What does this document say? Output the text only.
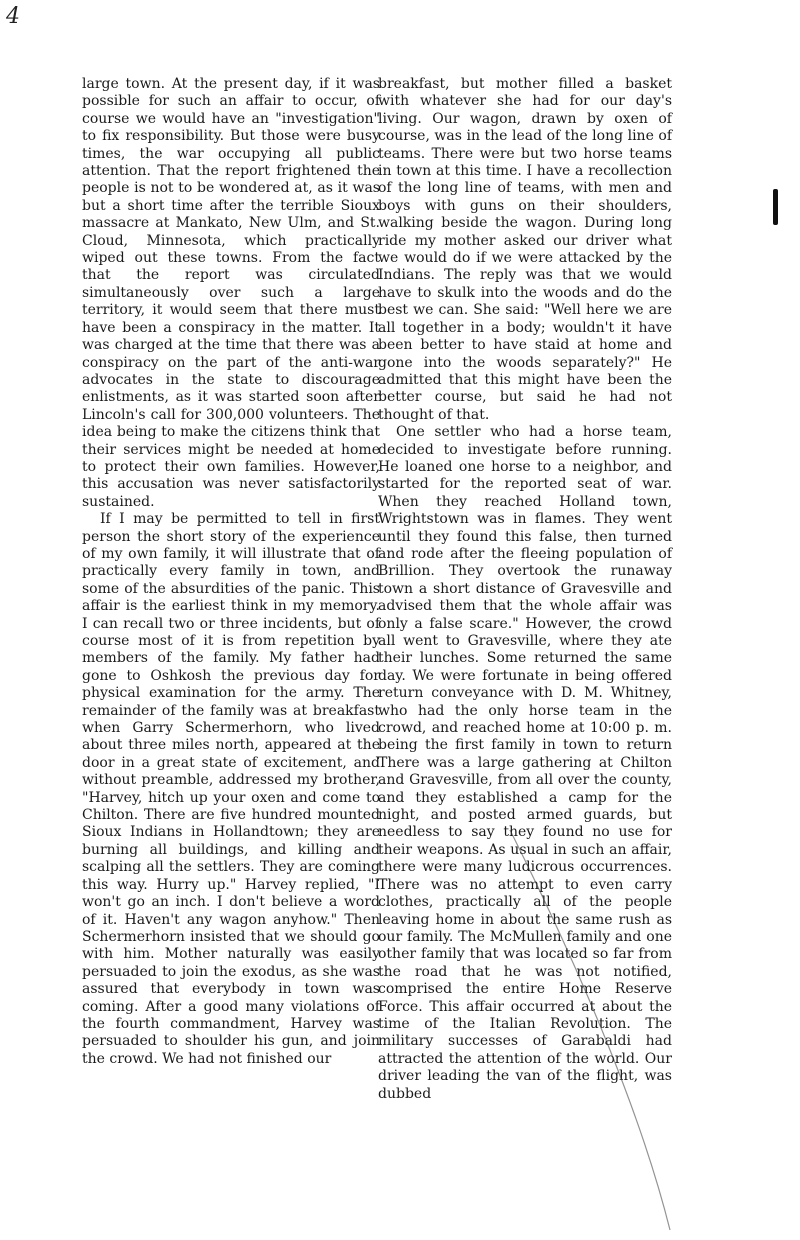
4

large town. At the present day, if it was possible for such an affair to occur, of course we would have an "investigation" to fix responsibility. But those were busy times, the war occupying all public attention. That the report frightened the people is not to be wondered at, as it was but a short time after the terrible Sioux massacre at Mankato, New Ulm, and St. Cloud, Minnesota, which practically wiped out these towns. From the fact that the report was circulated simultaneously over such a large territory, it would seem that there must have been a conspiracy in the matter. It was charged at the time that there was a conspiracy on the part of the anti-war advocates in the state to discourage enlistments, as it was started soon after Lincoln's call for 300,000 volunteers. The idea being to make the citizens think that their services might be needed at home to protect their own families. However, this accusation was never satisfactorily sustained.

If I may be permitted to tell in first person the short story of the experience of my own family, it will illustrate that of practically every family in town, and some of the absurdities of the panic. This affair is the earliest think in my memory. I can recall two or three incidents, but of course most of it is from repetition by members of the family. My father had gone to Oshkosh the previous day for physical examination for the army. The remainder of the family was at breakfast when Garry Schermerhorn, who lived about three miles north, appeared at the door in a great state of excitement, and without preamble, addressed my brother, "Harvey, hitch up your oxen and come to Chilton. There are five hundred mounted Sioux Indians in Hollandtown; they are burning all buildings, and killing and scalping all the settlers. They are coming this way. Hurry up." Harvey replied, "I won't go an inch. I don't believe a word of it. Haven't any wagon anyhow." Then Schermerhorn insisted that we should go with him. Mother naturally was easily persuaded to join the exodus, as she was assured that everybody in town was coming. After a good many violations of the fourth commandment, Harvey was persuaded to shoulder his gun, and join the crowd. We had not finished our

breakfast, but mother filled a basket with whatever she had for our day's living. Our wagon, drawn by oxen of course, was in the lead of the long line of teams. There were but two horse teams in town at this time. I have a recollection of the long line of teams, with men and boys with guns on their shoulders, walking beside the wagon. During long ride my mother asked our driver what we would do if we were attacked by the Indians. The reply was that we would have to skulk into the woods and do the best we can. She said: "Well here we are all together in a body; wouldn't it have been better to have staid at home and gone into the woods separately?" He admitted that this might have been the better course, but said he had not thought of that.

One settler who had a horse team, decided to investigate before running. He loaned one horse to a neighbor, and started for the reported seat of war. When they reached Holland town, Wrightstown was in flames. They went until they found this false, then turned and rode after the fleeing population of Brillion. They overtook the runaway town a short distance of Gravesville and advised them that the whole affair was only a false scare." However, the crowd all went to Gravesville, where they ate their lunches. Some returned the same day. We were fortunate in being offered return conveyance with D. M. Whitney, who had the only horse team in the crowd, and reached home at 10:00 p. m. being the first family in town to return There was a large gathering at Chilton and Gravesville, from all over the county, and they established a camp for the night, and posted armed guards, but needless to say they found no use for their weapons. As usual in such an affair, there were many ludicrous occurrences. There was no attempt to even carry clothes, practically all of the people leaving home in about the same rush as our family. The McMullen family and one other family that was located so far from the road that he was not notified, comprised the entire Home Reserve Force. This affair occurred at about the time of the Italian Revolution. The military successes of Garabaldi had attracted the attention of the world. Our driver leading the van of the flight, was dubbed
